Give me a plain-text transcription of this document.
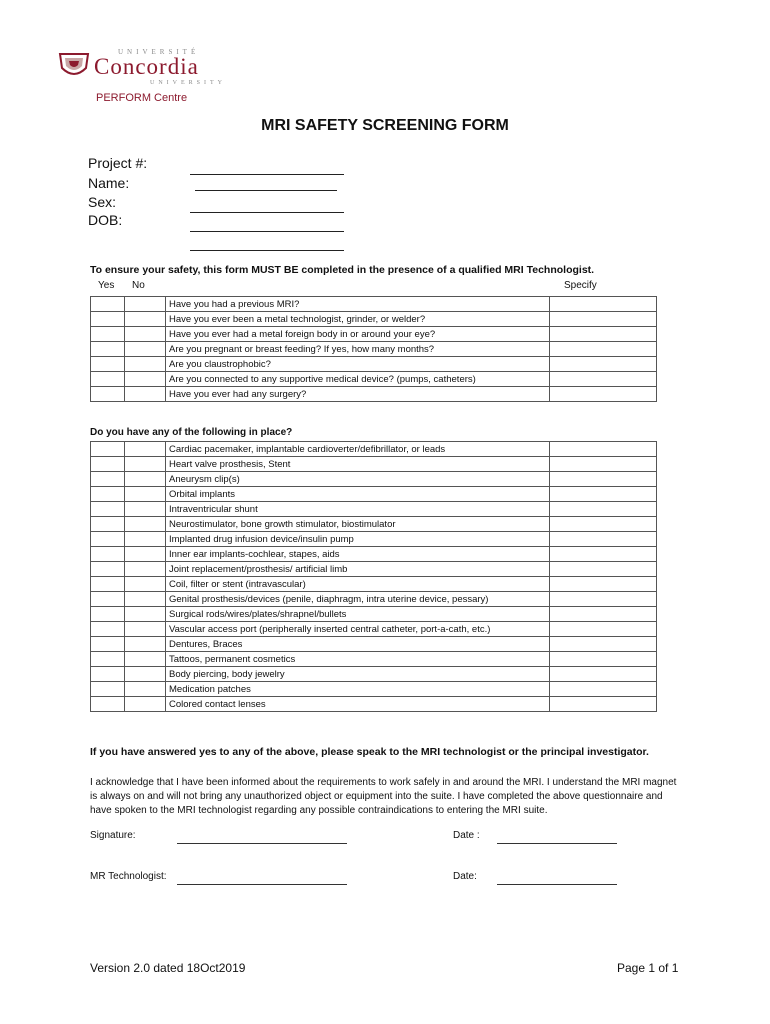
UNIVERSITÉ
Concordia
UNIVERSITY
PERFORM Centre
MRI SAFETY SCREENING FORM
Project #:
Name:
Sex:
DOB:
To ensure your safety, this form MUST BE completed in the presence of a qualified MRI Technologist.
Yes No	Specify
		Have you had a previous MRI?	
		Have you ever been a metal technologist, grinder, or welder?	
		Have you ever had a metal foreign body in or around your eye?	
		Are you pregnant or breast feeding? If yes, how many months?	
		Are you claustrophobic?	
		Are you connected to any supportive medical device? (pumps, catheters)	
		Have you ever had any surgery?	
Do you have any of the following in place?
		Cardiac pacemaker, implantable cardioverter/defibrillator, or leads	
		Heart valve prosthesis, Stent	
		Aneurysm clip(s)	
		Orbital implants	
		Intraventricular shunt	
		Neurostimulator, bone growth stimulator, biostimulator	
		Implanted drug infusion device/insulin pump	
		Inner ear implants-cochlear, stapes, aids	
		Joint replacement/prosthesis/ artificial limb	
		Coil, filter or stent (intravascular)	
		Genital prosthesis/devices (penile, diaphragm, intra uterine device, pessary)	
		Surgical rods/wires/plates/shrapnel/bullets	
		Vascular access port (peripherally inserted central catheter, port-a-cath, etc.)	
		Dentures, Braces	
		Tattoos, permanent cosmetics	
		Body piercing, body jewelry	
		Medication patches	
		Colored contact lenses	
If you have answered yes to any of the above, please speak to the MRI technologist or the principal investigator.
I acknowledge that I have been informed about the requirements to work safely in and around the MRI. I understand the MRI magnet is always on and will not bring any unauthorized object or equipment into the suite. I have completed the above questionnaire and have spoken to the MRI technologist regarding any possible contraindications to entering the MRI suite.
Signature:	Date :
MR Technologist:	Date:
Version 2.0 dated 18Oct2019	Page 1 of 1
